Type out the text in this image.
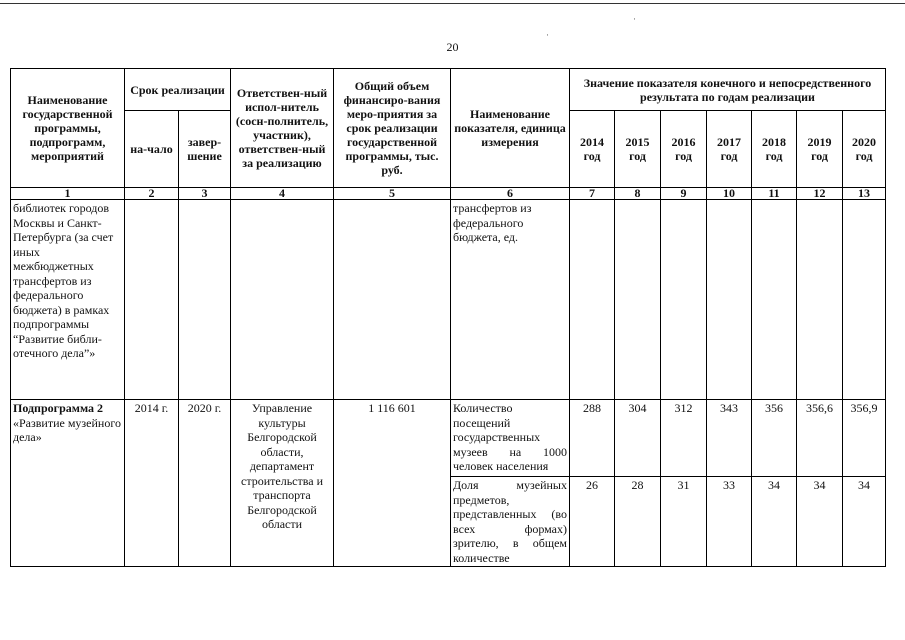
20
·
·
Наименование государственной программы, подпрограмм, мероприятий	Срок реализации		Ответствен-ный испол-нитель (сосн-полнитель, участник), ответствен-ный за реализацию	Общий объем финансиро-вания меро-приятия за срок реализации государственной программы, тыс. руб.	Наименование показателя, единица измерения	Значение показателя конечного и непосредственного результата по годам реализации						
	на-чало	завер-шение				2014 год	2015 год	2016 год	2017 год	2018 год	2019 год	2020 год
1	2	3	4	5	6	7	8	9	10	11	12	13
библиотек городов Москвы и Санкт-Петербурга (за счет иных межбюджетных трансфертов из федерального бюджета) в рамках подпрограммы “Развитие библи-отечного дела”»					трансфертов из федерального бюджета, ед.							
Подпрограмма 2 «Развитие музейного дела»	2014 г.	2020 г.	Управление культуры Белгородской области, департамент строительства и транспорта Белгородской области	1 116 601	Количество посещений государственных музеев на 1000 человек населения	288	304	312	343	356	356,6	356,9
					Доля музейных предметов, представленных (во всех формах) зрителю, в общем количестве	26	28	31	33	34	34	34
